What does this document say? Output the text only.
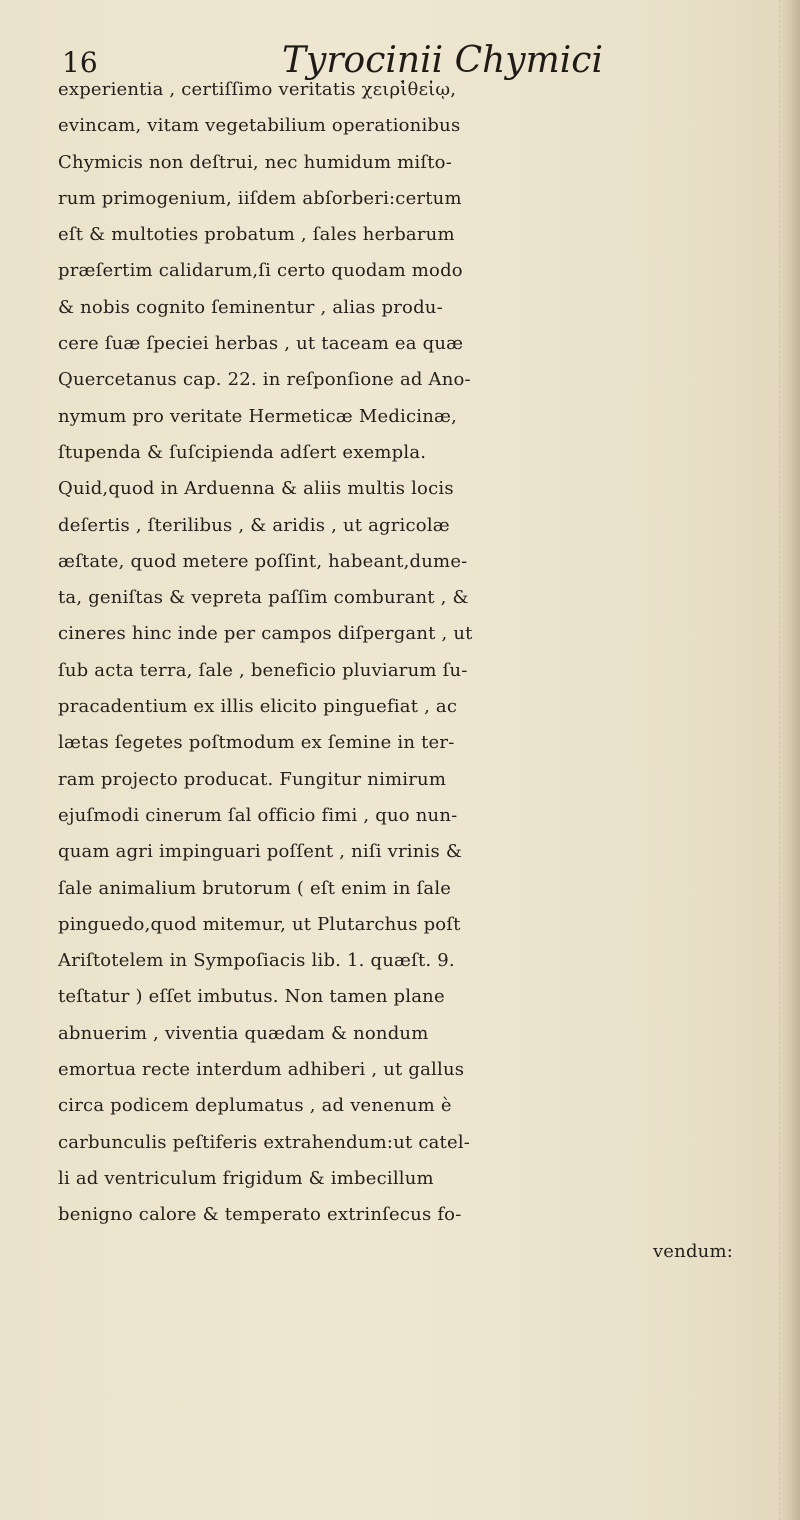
16	Tyrocinii Chymici
experientia , certiſſimo veritatis χειρὶ̓θεἰῳ,
evincam, vitam vegetabilium operationibus
Chymicis non deſtrui, nec humidum miſto-
rum primogenium, iiſdem abſorberi:certum
eſt & multoties probatum , ſales herbarum
præſertim calidarum,ſi certo quodam modo
& nobis cognito ſeminentur , alias produ-
cere ſuæ ſpeciei herbas , ut taceam ea quæ
Quercetanus cap. 22. in reſponſione ad Ano-
nymum pro veritate Hermeticæ Medicinæ,
ſtupenda & ſuſcipienda adſert exempla.
Quid,quod in Arduenna & aliis multis locis
deſertis , ſterilibus , & aridis , ut agricolæ
æſtate, quod metere poſſint, habeant,dume-
ta, geniſtas & vepreta paſſim comburant , &
cineres hinc inde per campos diſpergant , ut
ſub acta terra, ſale , beneficio pluviarum ſu-
pracadentium ex illis elicito pinguefiat , ac
lætas ſegetes poſtmodum ex ſemine in ter-
ram projecto producat. Fungitur nimirum
ejuſmodi cinerum ſal officio fimi , quo nun-
quam agri impinguari poſſent , niſi vrinis &
ſale animalium brutorum ( eſt enim in ſale
pinguedo,quod mitemur, ut Plutarchus poſt
Ariſtotelem in Sympoſiacis lib. 1. quæſt. 9.
teſtatur ) eſſet imbutus. Non tamen plane
abnuerim , viventia quædam & nondum
emortua recte interdum adhiberi , ut gallus
circa podicem deplumatus , ad venenum è
carbunculis peſtiferis extrahendum:ut catel-
li ad ventriculum frigidum & imbecillum
benigno calore & temperato extrinſecus fo-
vendum:
